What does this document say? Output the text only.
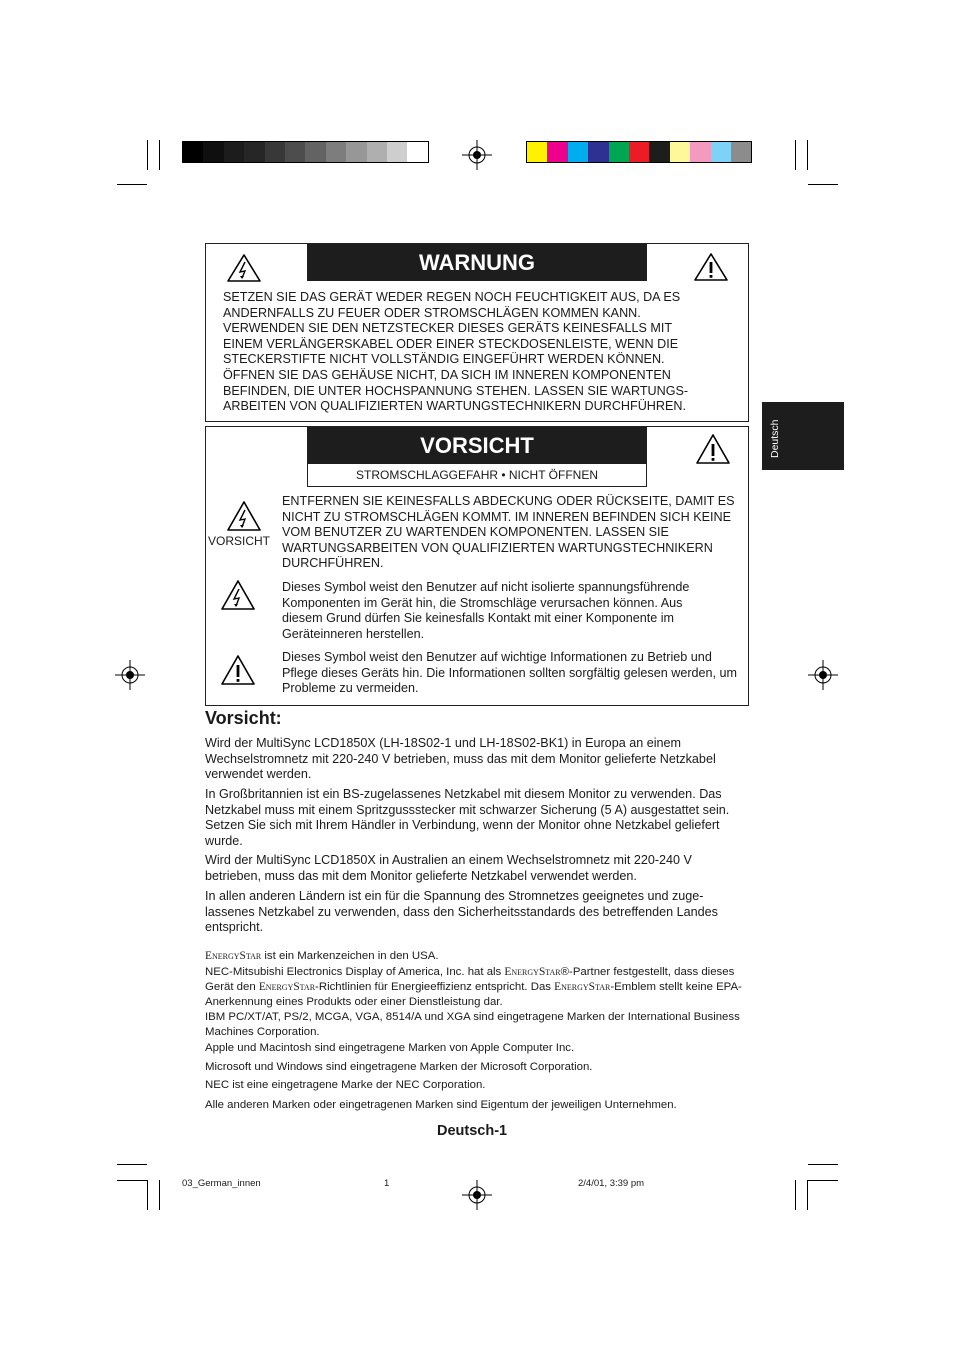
Deutsch
WARNUNG

SETZEN SIE DAS GERÄT WEDER REGEN NOCH FEUCHTIGKEIT AUS, DA ES ANDERNFALLS ZU FEUER ODER STROMSCHLÄGEN KOMMEN KANN. VERWENDEN SIE DEN NETZSTECKER DIESES GERÄTS KEINESFALLS MIT EINEM VERLÄNGERSKABEL ODER EINER STECKDOSENLEISTE, WENN DIE STECKERSTIFTE NICHT VOLLSTÄNDIG EINGEFÜHRT WERDEN KÖNNEN. ÖFFNEN SIE DAS GEHÄUSE NICHT, DA SICH IM INNEREN KOMPONENTEN BEFINDEN, DIE UNTER HOCHSPANNUNG STEHEN. LASSEN SIE WARTUNGS-ARBEITEN VON QUALIFIZIERTEN WARTUNGSTECHNIKERN DURCHFÜHREN.

VORSICHT
STROMSCHLAGGEFAHR • NICHT ÖFFNEN
VORSICHT

ENTFERNEN SIE KEINESFALLS ABDECKUNG ODER RÜCKSEITE, DAMIT ES NICHT ZU STROMSCHLÄGEN KOMMT. IM INNEREN BEFINDEN SICH KEINE VOM BENUTZER ZU WARTENDEN KOMPONENTEN. LASSEN SIE WARTUNGSARBEITEN VON QUALIFIZIERTEN WARTUNGSTECHNIKERN DURCHFÜHREN.

Dieses Symbol weist den Benutzer auf nicht isolierte spannungsführende Komponenten im Gerät hin, die Stromschläge verursachen können. Aus diesem Grund dürfen Sie keinesfalls Kontakt mit einer Komponente im Geräteinneren herstellen.

Dieses Symbol weist den Benutzer auf wichtige Informationen zu Betrieb und Pflege dieses Geräts hin. Die Informationen sollten sorgfältig gelesen werden, um Probleme zu vermeiden.

Vorsicht:

Wird der MultiSync LCD1850X (LH-18S02-1 und LH-18S02-BK1) in Europa an einem Wechselstromnetz mit 220-240 V betrieben, muss das mit dem Monitor gelieferte Netzkabel verwendet werden.

In Großbritannien ist ein BS-zugelassenes Netzkabel mit diesem Monitor zu verwenden. Das Netzkabel muss mit einem Spritzgussstecker mit schwarzer Sicherung (5 A) ausgestattet sein. Setzen Sie sich mit Ihrem Händler in Verbindung, wenn der Monitor ohne Netzkabel geliefert wurde.

Wird der MultiSync LCD1850X in Australien an einem Wechselstromnetz mit 220-240 V betrieben, muss das mit dem Monitor gelieferte Netzkabel verwendet werden.

In allen anderen Ländern ist ein für die Spannung des Stromnetzes geeignetes und zuge-lassenes Netzkabel zu verwenden, dass den Sicherheitsstandards des betreffenden Landes entspricht.

EnergyStar ist ein Markenzeichen in den USA.

NEC-Mitsubishi Electronics Display of America, Inc. hat als EnergyStar®-Partner festgestellt, dass dieses Gerät den EnergyStar-Richtlinien für Energieeffizienz entspricht. Das EnergyStar-Emblem stellt keine EPA-Anerkennung eines Produkts oder einer Dienstleistung dar.

IBM PC/XT/AT, PS/2, MCGA, VGA, 8514/A und XGA sind eingetragene Marken der International Business Machines Corporation.

Apple und Macintosh sind eingetragene Marken von Apple Computer Inc.

Microsoft und Windows sind eingetragene Marken der Microsoft Corporation.

NEC ist eine eingetragene Marke der NEC Corporation.

Alle anderen Marken oder eingetragenen Marken sind Eigentum der jeweiligen Unternehmen.

Deutsch-1
03_German_innen	1	2/4/01, 3:39 pm
